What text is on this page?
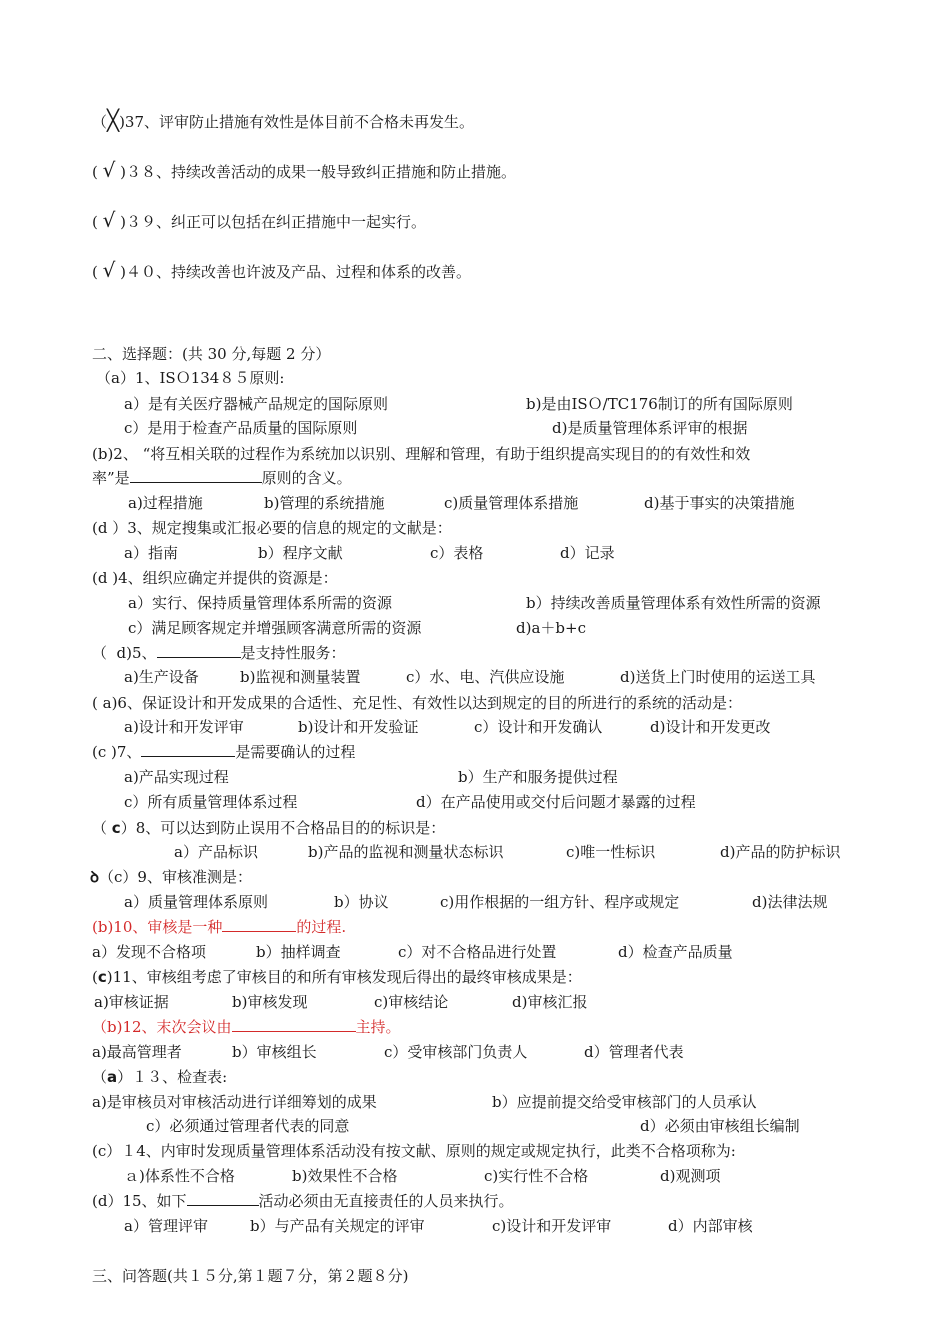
（╳)37、评审防止措施有效性是体目前不合格未再发生。
( √ )３８、持续改善活动的成果一般导致纠正措施和防止措施。
( √ )３９、纠正可以包括在纠正措施中一起实行。
( √ )４０、持续改善也许波及产品、过程和体系的改善。
二、选择题：(共 30 分,每题 2 分）
（a）1、ISＯ134８５原则:
a）是有关医疗器械产品规定的国际原则	b)是由ISＯ/TC176制订的所有国际原则
c）是用于检查产品质量的国际原则	d)是质量管理体系评审的根据
(b)2、 “将互相关联的过程作为系统加以识别、理解和管理，有助于组织提高实现目的的有效性和效
率”是	原则的含义。
a)过程措施	b)管理的系统措施	c)质量管理体系措施	d)基于事实的决策措施
(d ）3、规定搜集或汇报必要的信息的规定的文献是：
a）指南	b）程序文献	c）表格	d）记录
(d )4、组织应确定并提供的资源是：
a）实行、保持质量管理体系所需的资源	b）持续改善质量管理体系有效性所需的资源
c）满足顾客规定并增强顾客满意所需的资源	d)a＋b+c
（  d)5、	是支持性服务：
a)生产设备	b)监视和测量装置	c）水、电、汽供应设施	d)送货上门时使用的运送工具
( a)6、保证设计和开发成果的合适性、充足性、有效性以达到规定的目的所进行的系统的活动是：
a)设计和开发评审	b)设计和开发验证	c）设计和开发确认	d)设计和开发更改
(c )7、	是需要确认的过程
a)产品实现过程	b）生产和服务提供过程
c）所有质量管理体系过程	d）在产品使用或交付后问题才暴露的过程
（ c）8、可以达到防止误用不合格品目的的标识是：
a）产品标识	b)产品的监视和测量状态标识	c)唯一性标识	d)产品的防护标识
ꝺ（c）9、审核准测是：
a）质量管理体系原则	b）协议	c)用作根据的一组方针、程序或规定	d)法律法规
(b)10、审核是一种	的过程.
a）发现不合格项	b）抽样调查	c）对不合格品进行处置	d）检查产品质量
(c)11、审核组考虑了审核目的和所有审核发现后得出的最终审核成果是：
a)审核证据	b)审核发现	c)审核结论	d)审核汇报
（b)12、末次会议由	主持。
a)最高管理者	b）审核组长	c）受审核部门负责人	d）管理者代表
（a）１３、检查表:
a)是审核员对审核活动进行详细筹划的成果	b）应提前提交给受审核部门的人员承认
c）必须通过管理者代表的同意	d）必须由审核组长编制
(c）１4、内审时发现质量管理体系活动没有按文献、原则的规定或规定执行，此类不合格项称为:
ａ)体系性不合格	b)效果性不合格	c)实行性不合格	d)观测项
(d）15、如下	活动必须由无直接责任的人员来执行。
a）管理评审	b）与产品有关规定的评审	c)设计和开发评审	d）内部审核
三、问答题(共１５分,第１题７分，第２题８分)
